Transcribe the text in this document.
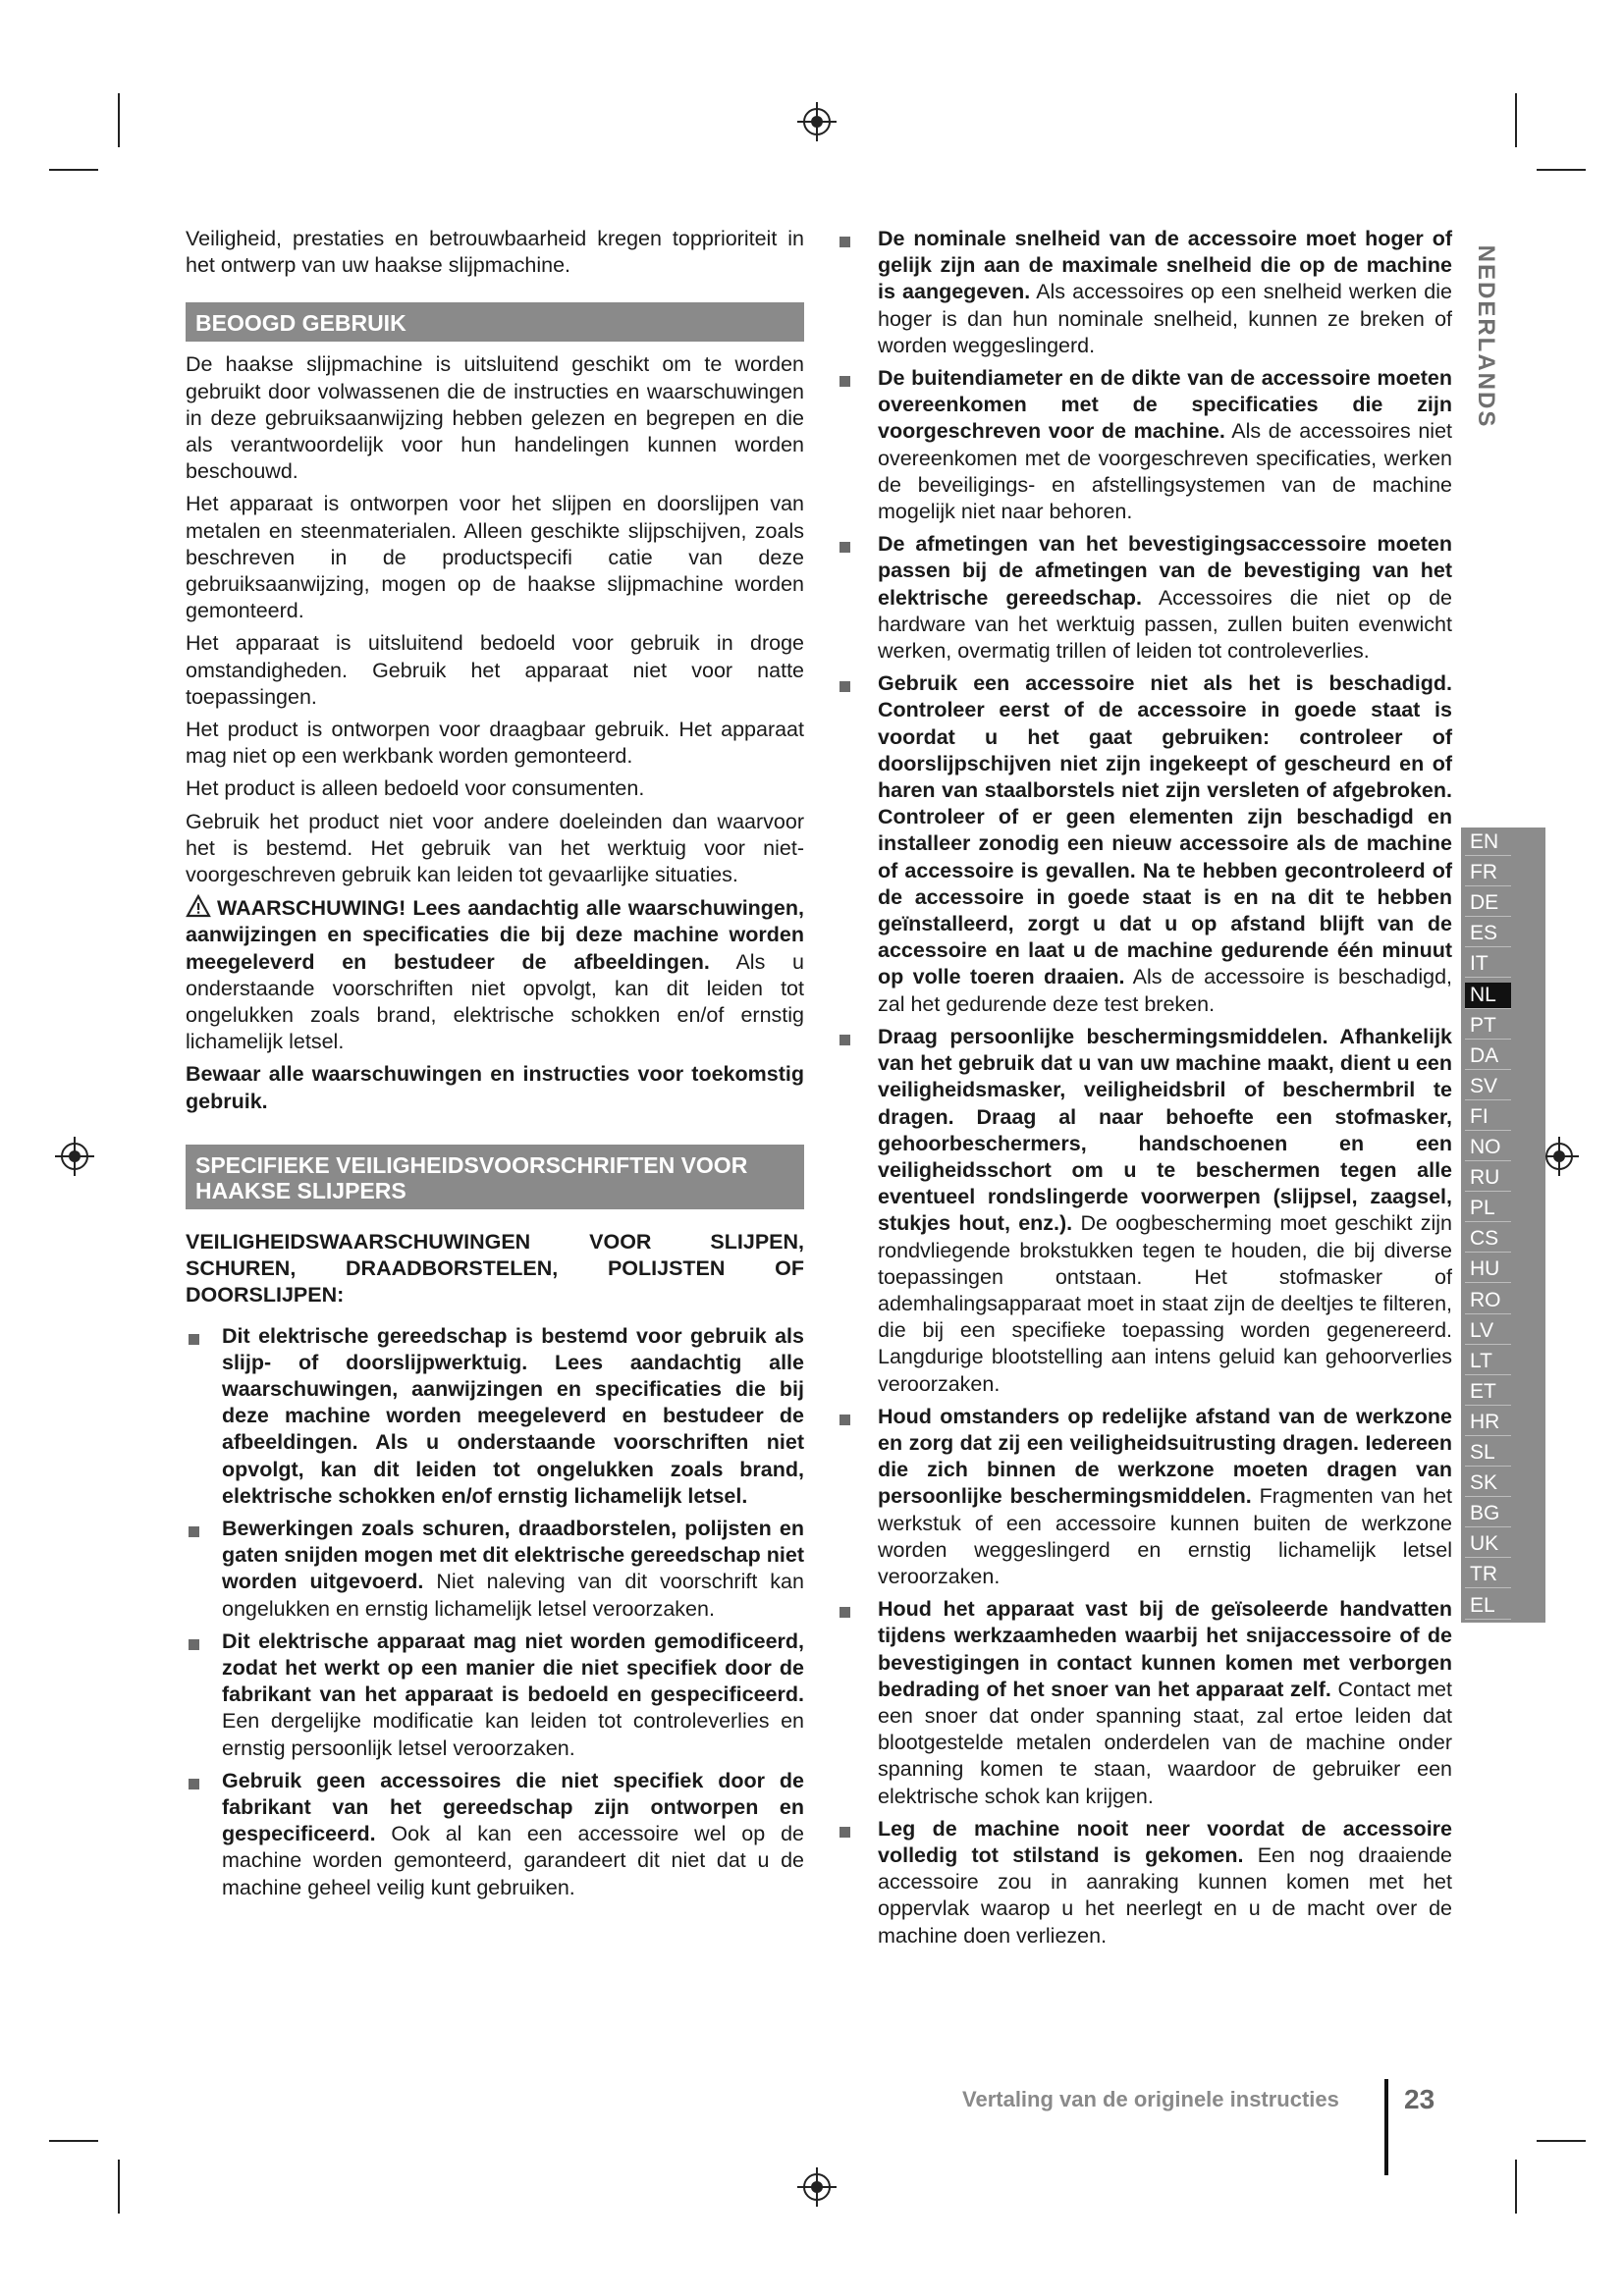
Veiligheid, prestaties en betrouwbaarheid kregen topprioriteit in het ontwerp van uw haakse slijpmachine.

BEOOGD GEBRUIK

De haakse slijpmachine is uitsluitend geschikt om te worden gebruikt door volwassenen die de instructies en waarschuwingen in deze gebruiksaanwijzing hebben gelezen en begrepen en die als verantwoordelijk voor hun handelingen kunnen worden beschouwd.

Het apparaat is ontworpen voor het slijpen en doorslijpen van metalen en steenmaterialen. Alleen geschikte slijpschijven, zoals beschreven in de productspecifi catie van deze gebruiksaanwijzing, mogen op de haakse slijpmachine worden gemonteerd.

Het apparaat is uitsluitend bedoeld voor gebruik in droge omstandigheden. Gebruik het apparaat niet voor natte toepassingen.

Het product is ontworpen voor draagbaar gebruik. Het apparaat mag niet op een werkbank worden gemonteerd.

Het product is alleen bedoeld voor consumenten.

Gebruik het product niet voor andere doeleinden dan waarvoor het is bestemd. Het gebruik van het werktuig voor niet-voorgeschreven gebruik kan leiden tot gevaarlijke situaties.

WAARSCHUWING! Lees aandachtig alle waarschuwingen, aanwijzingen en specificaties die bij deze machine worden meegeleverd en bestudeer de afbeeldingen. Als u onderstaande voorschriften niet opvolgt, kan dit leiden tot ongelukken zoals brand, elektrische schokken en/of ernstig lichamelijk letsel.

Bewaar alle waarschuwingen en instructies voor toekomstig gebruik.

SPECIFIEKE VEILIGHEIDSVOORSCHRIFTEN VOOR HAAKSE SLIJPERS

VEILIGHEIDSWAARSCHUWINGEN VOOR SLIJPEN, SCHUREN, DRAADBORSTELEN, POLIJSTEN OF DOORSLIJPEN:

Dit elektrische gereedschap is bestemd voor gebruik als slijp- of doorslijpwerktuig. Lees aandachtig alle waarschuwingen, aanwijzingen en specificaties die bij deze machine worden meegeleverd en bestudeer de afbeeldingen. Als u onderstaande voorschriften niet opvolgt, kan dit leiden tot ongelukken zoals brand, elektrische schokken en/of ernstig lichamelijk letsel.
Bewerkingen zoals schuren, draadborstelen, polijsten en gaten snijden mogen met dit elektrische gereedschap niet worden uitgevoerd. Niet naleving van dit voorschrift kan ongelukken en ernstig lichamelijk letsel veroorzaken.
Dit elektrische apparaat mag niet worden gemodificeerd, zodat het werkt op een manier die niet specifiek door de fabrikant van het apparaat is bedoeld en gespecificeerd. Een dergelijke modificatie kan leiden tot controleverlies en ernstig persoonlijk letsel veroorzaken.
Gebruik geen accessoires die niet specifiek door de fabrikant van het gereedschap zijn ontworpen en gespecificeerd. Ook al kan een accessoire wel op de machine worden gemonteerd, garandeert dit niet dat u de machine geheel veilig kunt gebruiken.
De nominale snelheid van de accessoire moet hoger of gelijk zijn aan de maximale snelheid die op de machine is aangegeven. Als accessoires op een snelheid werken die hoger is dan hun nominale snelheid, kunnen ze breken of worden weggeslingerd.
De buitendiameter en de dikte van de accessoire moeten overeenkomen met de specificaties die zijn voorgeschreven voor de machine. Als de accessoires niet overeenkomen met de voorgeschreven specificaties, werken de beveiligings- en afstellingsystemen van de machine mogelijk niet naar behoren.
De afmetingen van het bevestigingsaccessoire moeten passen bij de afmetingen van de bevestiging van het elektrische gereedschap. Accessoires die niet op de hardware van het werktuig passen, zullen buiten evenwicht werken, overmatig trillen of leiden tot controleverlies.
Gebruik een accessoire niet als het is beschadigd. Controleer eerst of de accessoire in goede staat is voordat u het gaat gebruiken: controleer of doorslijpschijven niet zijn ingekeept of gescheurd en of haren van staalborstels niet zijn versleten of afgebroken. Controleer of er geen elementen zijn beschadigd en installeer zonodig een nieuw accessoire als de machine of accessoire is gevallen. Na te hebben gecontroleerd of de accessoire in goede staat is en na dit te hebben geïnstalleerd, zorgt u dat u op afstand blijft van de accessoire en laat u de machine gedurende één minuut op volle toeren draaien. Als de accessoire is beschadigd, zal het gedurende deze test breken.
Draag persoonlijke beschermingsmiddelen. Afhankelijk van het gebruik dat u van uw machine maakt, dient u een veiligheidsmasker, veiligheidsbril of beschermbril te dragen. Draag al naar behoefte een stofmasker, gehoorbeschermers, handschoenen en een veiligheidsschort om u te beschermen tegen alle eventueel rondslingerde voorwerpen (slijpsel, zaagsel, stukjes hout, enz.). De oogbescherming moet geschikt zijn rondvliegende brokstukken tegen te houden, die bij diverse toepassingen ontstaan. Het stofmasker of ademhalingsapparaat moet in staat zijn de deeltjes te filteren, die bij een specifieke toepassing worden gegenereerd. Langdurige blootstelling aan intens geluid kan gehoorverlies veroorzaken.
Houd omstanders op redelijke afstand van de werkzone en zorg dat zij een veiligheidsuitrusting dragen. Iedereen die zich binnen de werkzone moeten dragen van persoonlijke beschermingsmiddelen. Fragmenten van het werkstuk of een accessoire kunnen buiten de werkzone worden weggeslingerd en ernstig lichamelijk letsel veroorzaken.
Houd het apparaat vast bij de geïsoleerde handvatten tijdens werkzaamheden waarbij het snijaccessoire of de bevestigingen in contact kunnen komen met verborgen bedrading of het snoer van het apparaat zelf. Contact met een snoer dat onder spanning staat, zal ertoe leiden dat blootgestelde metalen onderdelen van de machine onder spanning komen te staan, waardoor de gebruiker een elektrische schok kan krijgen.
Leg de machine nooit neer voordat de accessoire volledig tot stilstand is gekomen. Een nog draaiende accessoire zou in aanraking kunnen komen met het oppervlak waarop u het neerlegt en u de macht over de machine doen verliezen.
NEDERLANDS
EN
FR
DE
ES
IT
NL
PT
DA
SV
FI
NO
RU
PL
CS
HU
RO
LV
LT
ET
HR
SL
SK
BG
UK
TR
EL
Vertaling van de originele instructies 23
